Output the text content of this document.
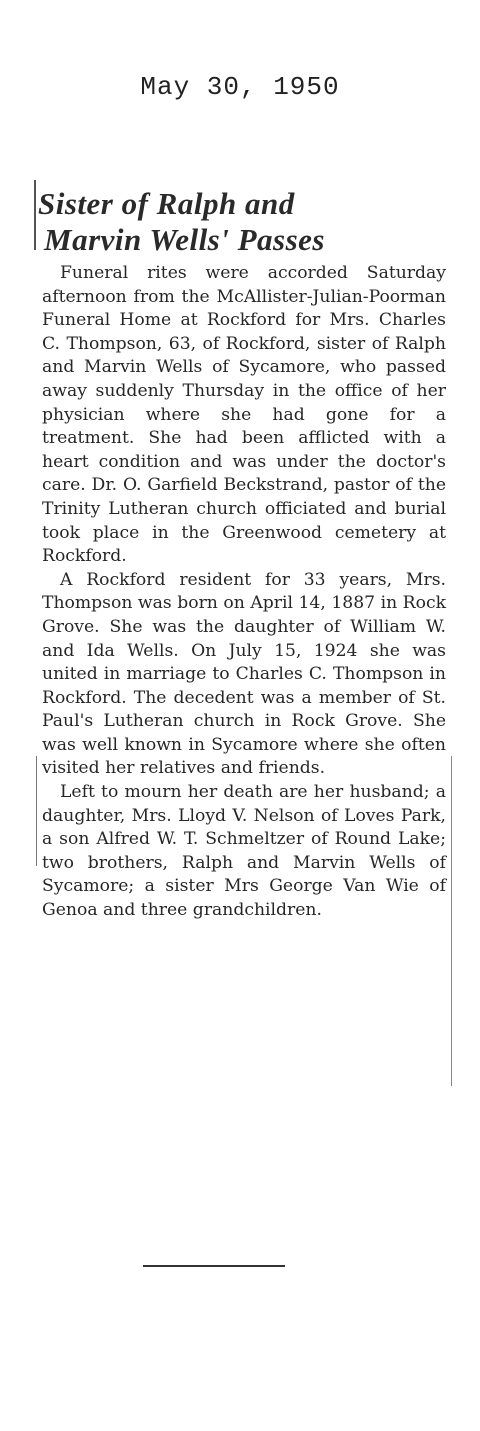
May 30, 1950
Sister of Ralph and
Marvin Wells' Passes

Funeral rites were accorded Saturday afternoon from the McAllister-Julian-Poorman Funeral Home at Rockford for Mrs. Charles C. Thompson, 63, of Rockford, sister of Ralph and Marvin Wells of Sycamore, who passed away suddenly Thursday in the office of her physician where she had gone for a treatment. She had been afflicted with a heart condition and was under the doctor's care. Dr. O. Garfield Beckstrand, pastor of the Trinity Lutheran church officiated and burial took place in the Greenwood cemetery at Rockford.

A Rockford resident for 33 years, Mrs. Thompson was born on April 14, 1887 in Rock Grove. She was the daughter of William W. and Ida Wells. On July 15, 1924 she was united in marriage to Charles C. Thompson in Rockford. The decedent was a member of St. Paul's Lutheran church in Rock Grove. She was well known in Sycamore where she often visited her relatives and friends.

Left to mourn her death are her husband; a daughter, Mrs. Lloyd V. Nelson of Loves Park, a son Alfred W. T. Schmeltzer of Round Lake; two brothers, Ralph and Marvin Wells of Sycamore; a sister Mrs George Van Wie of Genoa and three grandchildren.
